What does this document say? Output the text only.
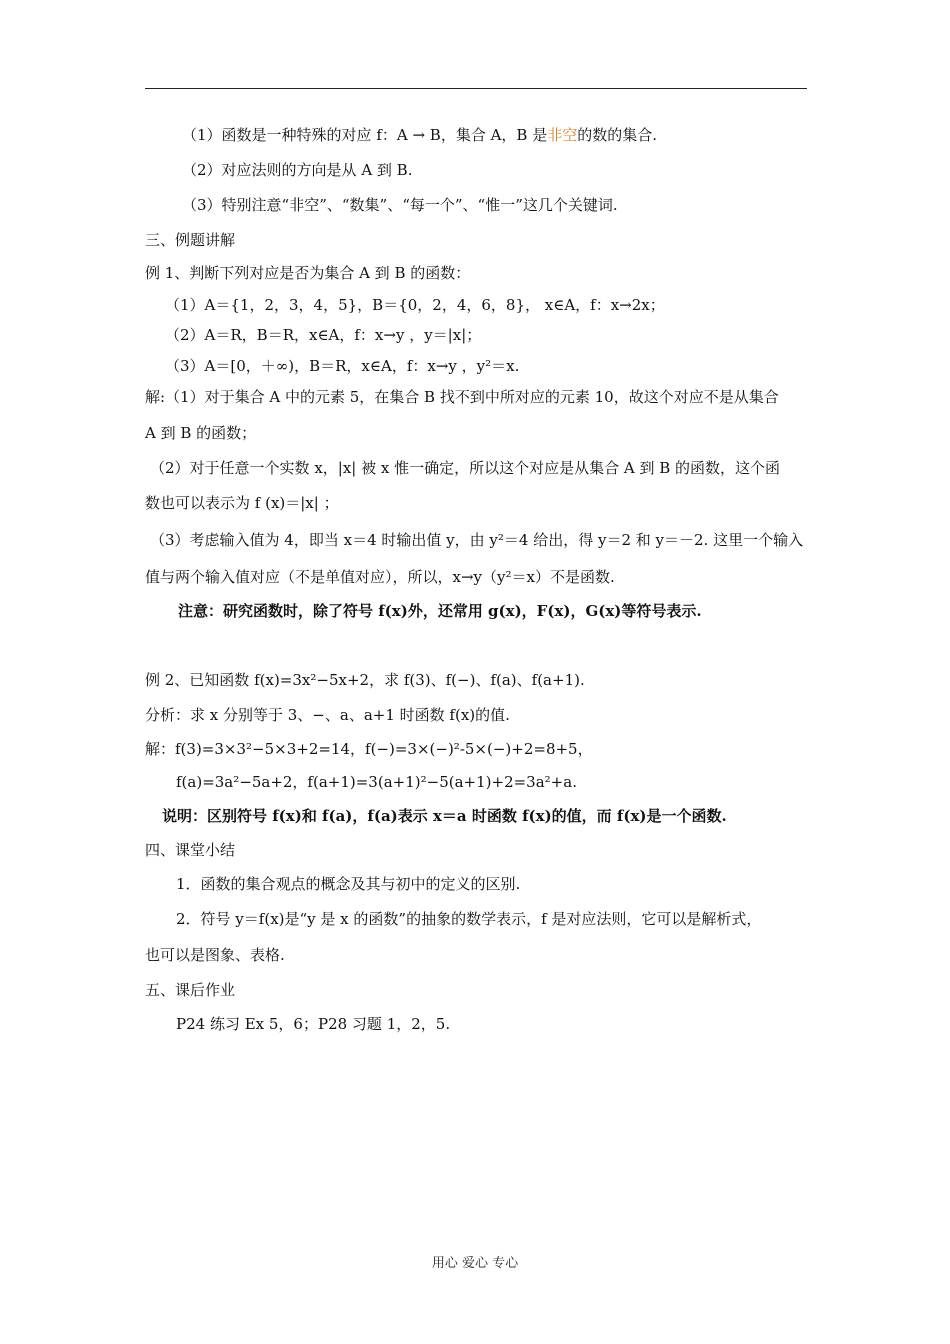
（1）函数是一种特殊的对应 f：A → B，集合 A，B 是非空的数的集合.
（2）对应法则的方向是从 A 到 B.
（3）特别注意“非空”、“数集”、“每一个”、“惟一”这几个关键词.
三、例题讲解
例 1、判断下列对应是否为集合 A 到 B 的函数：
（1）A＝{1，2，3，4，5}，B＝{0，2，4，6，8}， x∈A，f：x→2x；
（2）A＝R，B＝R，x∈A，f：x→y ，y＝|x|；
（3）A＝[0，＋∞)，B＝R，x∈A，f：x→y ，y²＝x.
解:（1）对于集合 A 中的元素 5，在集合 B 找不到中所对应的元素 10，故这个对应不是从集合
A 到 B 的函数；
（2）对于任意一个实数 x，|x| 被 x 惟一确定，所以这个对应是从集合 A 到 B 的函数，这个函
数也可以表示为 f (x)＝|x| ；
（3）考虑输入值为 4，即当 x＝4 时输出值 y，由 y²＝4 给出，得 y＝2 和 y＝－2. 这里一个输入
值与两个输入值对应（不是单值对应），所以，x→y（y²＝x）不是函数.
注意：研究函数时，除了符号 f(x)外，还常用 g(x)，F(x)，G(x)等符号表示.
例 2、已知函数 f(x)=3x²−5x+2，求 f(3)、f(−)、f(a)、f(a+1).
分析：求 x 分别等于 3、−、a、a+1 时函数 f(x)的值.
解：f(3)=3×3²−5×3+2=14，f(−)=3×(−)²-5×(−)+2=8+5，
f(a)=3a²−5a+2，f(a+1)=3(a+1)²−5(a+1)+2=3a²+a.
说明：区别符号 f(x)和 f(a)，f(a)表示 x＝a 时函数 f(x)的值，而 f(x)是一个函数.
四、课堂小结
1．函数的集合观点的概念及其与初中的定义的区别.
2．符号 y＝f(x)是“y 是 x 的函数”的抽象的数学表示，f 是对应法则，它可以是解析式，
也可以是图象、表格.
五、课后作业
P24 练习 Ex 5，6；P28 习题 1，2，5.
用心 爱心 专心
